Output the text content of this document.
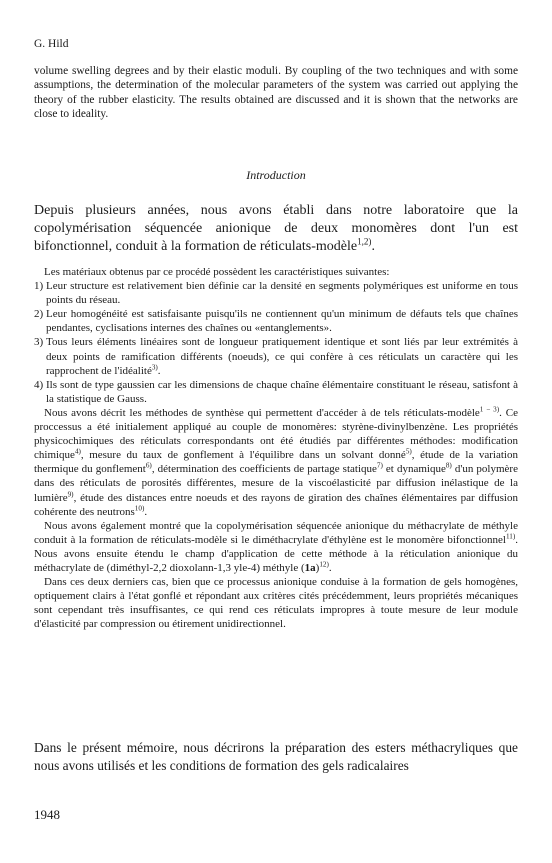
G. Hild
volume swelling degrees and by their elastic moduli. By coupling of the two techniques and with some assumptions, the determination of the molecular parameters of the system was carried out applying the theory of the rubber elasticity. The results obtained are discussed and it is shown that the networks are close to ideality.
Introduction
Depuis plusieurs années, nous avons établi dans notre laboratoire que la copolymérisation séquencée anionique de deux monomères dont l'un est bifonctionnel, conduit à la formation de réticulats-modèle$^{1,2)}$.

Les matériaux obtenus par ce procédé possèdent les caractéristiques suivantes:

1) Leur structure est relativement bien définie car la densité en segments polymériques est uniforme en tous points du réseau.

2) Leur homogénéité est satisfaisante puisqu'ils ne contiennent qu'un minimum de défauts tels que chaînes pendantes, cyclisations internes des chaînes ou «entanglements».

3) Tous leurs éléments linéaires sont de longueur pratiquement identique et sont liés par leur extrémités à deux points de ramification différents (noeuds), ce qui confère à ces réticulats un caractère qui les rapprochent de l'idéalité$^{3)}$.

4) Ils sont de type gaussien car les dimensions de chaque chaîne élémentaire constituant le réseau, satisfont à la statistique de Gauss.

Nous avons décrit les méthodes de synthèse qui permettent d'accéder à de tels réticulats-modèle$^{1 - 3)}$. Ce proccessus a été initialement appliqué au couple de monomères: styrène-divinylbenzène. Les propriétés physicochimiques des réticulats correspondants ont été étudiés par différentes méthodes: modification chimique$^{4)}$, mesure du taux de gonflement à l'équilibre dans un solvant donné$^{5)}$, étude de la variation thermique du gonflement$^{6)}$, détermination des coefficients de partage statique$^{7)}$ et dynamique$^{8)}$ d'un polymère dans des réticulats de porosités différentes, mesure de la viscoélasticité par diffusion inélastique de la lumière$^{9)}$, étude des distances entre noeuds et des rayons de giration des chaînes élémentaires par diffusion cohérente des neutrons$^{10)}$.

Nous avons également montré que la copolymérisation séquencée anionique du méthacrylate de méthyle conduit à la formation de réticulats-modèle si le diméthacrylate d'éthylène est le monomère bifonctionnel$^{11)}$. Nous avons ensuite étendu le champ d'application de cette méthode à la réticulation anionique du méthacrylate de (diméthyl-2,2 dioxolann-1,3 yle-4) méthyle $(1a)^{12)}$.

Dans ces deux derniers cas, bien que ce processus anionique conduise à la formation de gels homogènes, optiquement clairs à l'état gonflé et répondant aux critères cités précédemment, leurs propriétés mécaniques sont cependant très insuffisantes, ce qui rend ces réticulats impropres à toute mesure de leur module d'élasticité par compression ou étirement unidirectionnel.

Dans le présent mémoire, nous décrirons la préparation des esters méthacryliques que nous avons utilisés et les conditions de formation des gels radicalaires
1948
